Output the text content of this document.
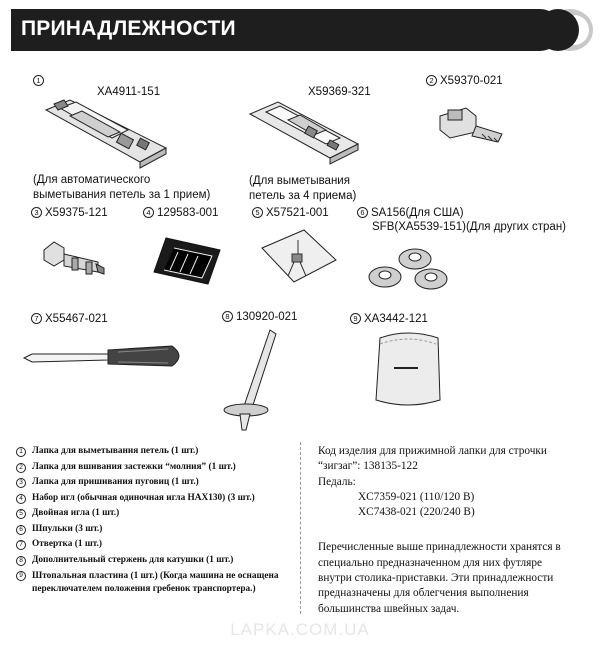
ПРИНАДЛЕЖНОСТИ
1
XA4911-151
(Для автоматического
выметывания петель за 1 прием)
X59369-321
(Для выметывания
петель за 4 приема)
2 X59370-021
3 X59375-121	4 129583-001	5 X57521-001	6 SA156(Для США)
SFB(XA5539-151)(Для других стран)
7 X55467-021	8 130920-021	9 XA3442-121
1 Лапка для выметывания петель (1 шт.)
2 Лапка для вшивания застежки “молния” (1 шт.)
3 Лапка для пришивания пуговиц (1 шт.)
4 Набор игл (обычная одиночная игла HAX130) (3 шт.)
5 Двойная игла (1 шт.)
6 Шпульки (3 шт.)
7 Отвертка (1 шт.)
8 Дополнительный стержень для катушки (1 шт.)
9 Штопальная пластина (1 шт.) (Когда машина не оснащена переключателем положения гребенок транспортера.)

Код изделия для прижимной лапки для строчки

“зигзаг”: 138135-122

Педаль:

XC7359-021 (110/120 В)

XC7438-021 (220/240 В)

Перечисленные выше принадлежности хранятся в

специально предназначенном для них футляре

внутри столика-приставки. Эти принадлежности

предназначены для облегчения выполнения

большинства швейных задач.

LAPKA.COM.UA
